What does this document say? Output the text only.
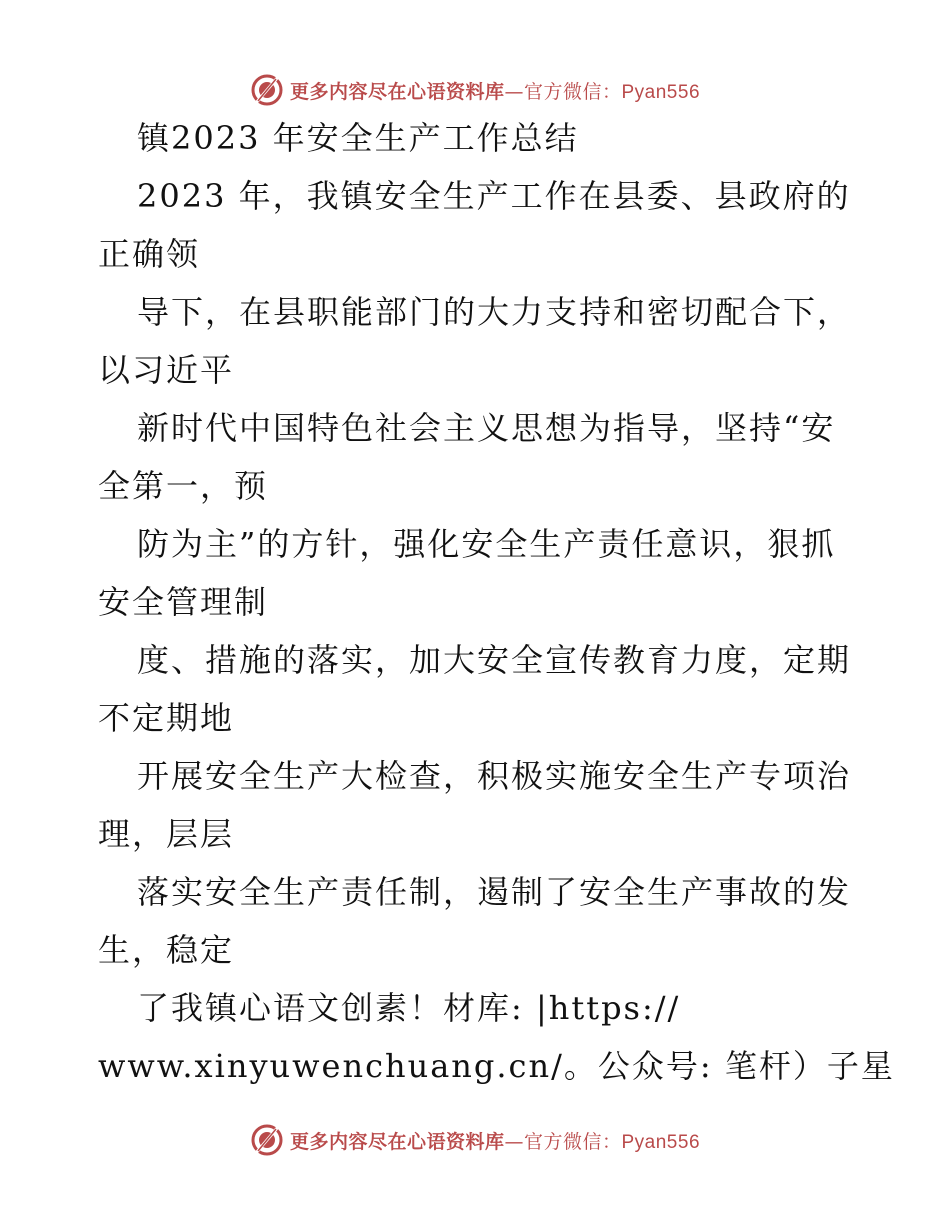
更多内容尽在心语资料库—官方微信：Pyan556
镇2023 年安全生产工作总结
2023 年，我镇安全生产工作在县委、县政府的
正确领
导下，在县职能部门的大力支持和密切配合下，
以习近平
新时代中国特色社会主义思想为指导，坚持“安
全第一，预
防为主”的方针，强化安全生产责任意识，狠抓
安全管理制
度、措施的落实，加大安全宣传教育力度，定期
不定期地
开展安全生产大检查，积极实施安全生产专项治
理，层层
落实安全生产责任制，遏制了安全生产事故的发
生，稳定
了我镇心语文创素！材库: |https://
www.xinyuwenchuang.cn/。公众号: 笔杆）子星
更多内容尽在心语资料库—官方微信：Pyan556
